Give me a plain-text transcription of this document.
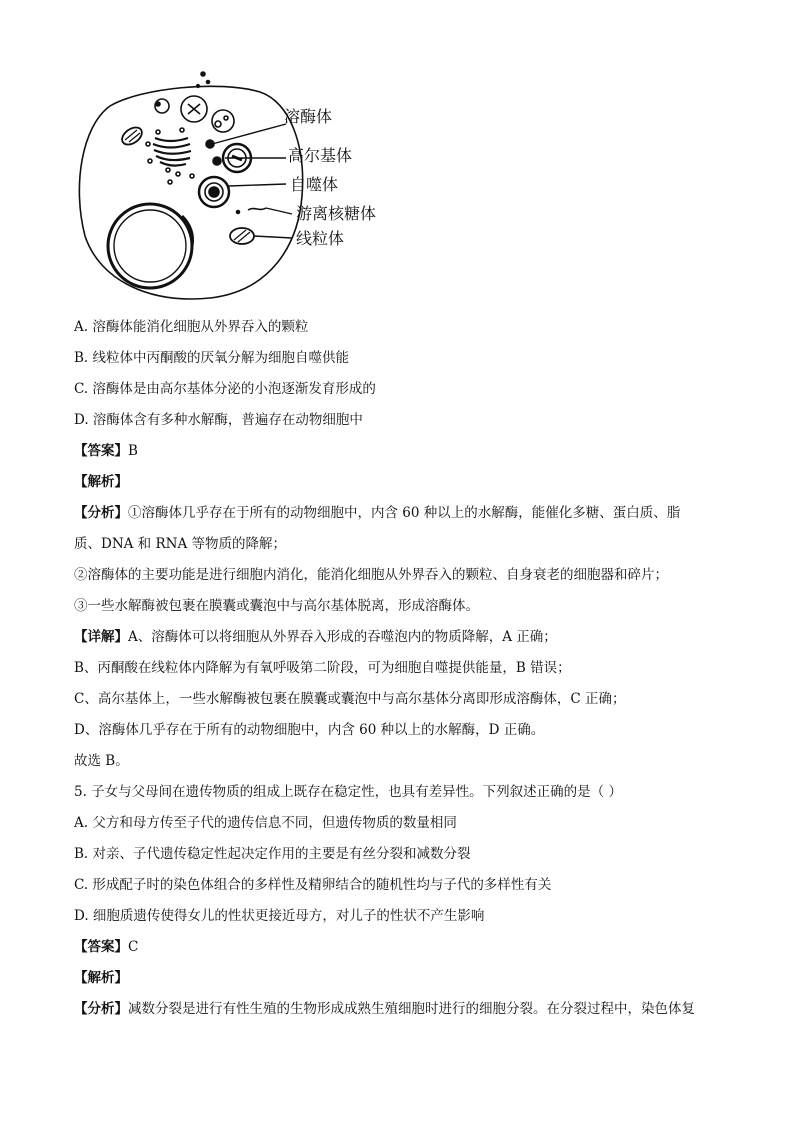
溶酶体
高尔基体
自噬体
游离核糖体
线粒体
A. 溶酶体能消化细胞从外界吞入的颗粒
B. 线粒体中丙酮酸的厌氧分解为细胞自噬供能
C. 溶酶体是由高尔基体分泌的小泡逐渐发育形成的
D. 溶酶体含有多种水解酶，普遍存在动物细胞中
【答案】B
【解析】
【分析】①溶酶体几乎存在于所有的动物细胞中，内含 60 种以上的水解酶，能催化多糖、蛋白质、脂
质、DNA 和 RNA 等物质的降解；
②溶酶体的主要功能是进行细胞内消化，能消化细胞从外界吞入的颗粒、自身衰老的细胞器和碎片；
③一些水解酶被包裹在膜囊或囊泡中与高尔基体脱离，形成溶酶体。
【详解】A、溶酶体可以将细胞从外界吞入形成的吞噬泡内的物质降解，A 正确；
B、丙酮酸在线粒体内降解为有氧呼吸第二阶段，可为细胞自噬提供能量，B 错误；
C、高尔基体上，一些水解酶被包裹在膜囊或囊泡中与高尔基体分离即形成溶酶体，C 正确；
D、溶酶体几乎存在于所有的动物细胞中，内含 60 种以上的水解酶，D 正确。
故选 B。
5. 子女与父母间在遗传物质的组成上既存在稳定性，也具有差异性。下列叙述正确的是（ ）
A. 父方和母方传至子代的遗传信息不同，但遗传物质的数量相同
B. 对亲、子代遗传稳定性起决定作用的主要是有丝分裂和减数分裂
C. 形成配子时的染色体组合的多样性及精卵结合的随机性均与子代的多样性有关
D. 细胞质遗传使得女儿的性状更接近母方，对儿子的性状不产生影响
【答案】C
【解析】
【分析】减数分裂是进行有性生殖的生物形成成熟生殖细胞时进行的细胞分裂。在分裂过程中，染色体复
